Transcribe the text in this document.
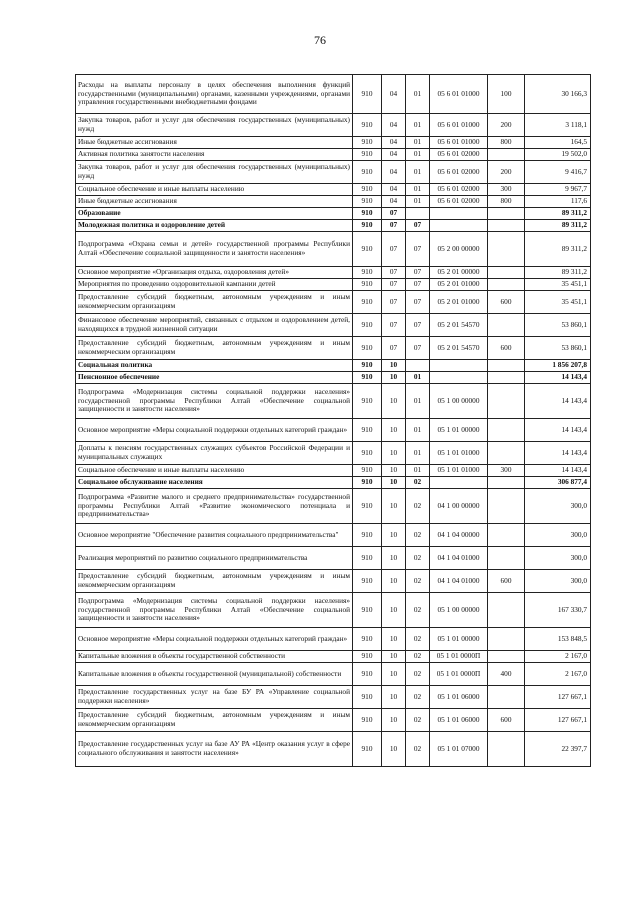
76
Расходы на выплаты персоналу в целях обеспечения выполнения функций государственными (муниципальными) органами, казенными учреждениями, органами управления государственными внебюджетными фондами	910	04	01	05 6 01 01000	100	30 166,3
Закупка товаров, работ и услуг для обеспечения государственных (муниципальных) нужд	910	04	01	05 6 01 01000	200	3 118,1
Иные бюджетные ассигнования	910	04	01	05 6 01 01000	800	164,5
Активная политика занятости населения	910	04	01	05 6 01 02000		19 502,0
Закупка товаров, работ и услуг для обеспечения государственных (муниципальных) нужд	910	04	01	05 6 01 02000	200	9 416,7
Социальное обеспечение и иные выплаты населению	910	04	01	05 6 01 02000	300	9 967,7
Иные бюджетные ассигнования	910	04	01	05 6 01 02000	800	117,6
Образование	910	07				89 311,2
Молодежная политика и оздоровление детей	910	07	07			89 311,2
Подпрограмма «Охрана семьи и детей» государственной программы Республики Алтай «Обеспечение социальной защищенности и занятости населения»	910	07	07	05 2 00 00000		89 311,2
Основное мероприятие «Организация отдыха, оздоровления детей»	910	07	07	05 2 01 00000		89 311,2
Мероприятия по проведению оздоровительной кампании детей	910	07	07	05 2 01 01000		35 451,1
Предоставление субсидий бюджетным, автономным учреждениям и иным некоммерческим организациям	910	07	07	05 2 01 01000	600	35 451,1
Финансовое обеспечение мероприятий, связанных с отдыхом и оздоровлением детей, находящихся в трудной жизненной ситуации	910	07	07	05 2 01 54570		53 860,1
Предоставление субсидий бюджетным, автономным учреждениям и иным некоммерческим организациям	910	07	07	05 2 01 54570	600	53 860,1
Социальная политика	910	10				1 856 207,8
Пенсионное обеспечение	910	10	01			14 143,4
Подпрограмма «Модернизация системы социальной поддержки населения» государственной программы Республики Алтай «Обеспечение социальной защищенности и занятости населения»	910	10	01	05 1 00 00000		14 143,4
Основное мероприятие «Меры социальной поддержки отдельных категорий граждан»	910	10	01	05 1 01 00000		14 143,4
Доплаты к пенсиям государственных служащих субъектов Российской Федерации и муниципальных служащих	910	10	01	05 1 01 01000		14 143,4
Социальное обеспечение и иные выплаты населению	910	10	01	05 1 01 01000	300	14 143,4
Социальное обслуживание населения	910	10	02			306 877,4
Подпрограмма «Развитие малого и среднего предпринимательства» государственной программы Республики Алтай «Развитие экономического потенциала и предпринимательства»	910	10	02	04 1 00 00000		300,0
Основное мероприятие "Обеспечение развития социального предпринимательства"	910	10	02	04 1 04 00000		300,0
Реализация мероприятий по развитию социального предпринимательства	910	10	02	04 1 04 01000		300,0
Предоставление субсидий бюджетным, автономным учреждениям и иным некоммерческим организациям	910	10	02	04 1 04 01000	600	300,0
Подпрограмма «Модернизация системы социальной поддержки населения» государственной программы Республики Алтай «Обеспечение социальной защищенности и занятости населения»	910	10	02	05 1 00 00000		167 330,7
Основное мероприятие «Меры социальной поддержки отдельных категорий граждан»	910	10	02	05 1 01 00000		153 848,5
Капитальные вложения в объекты государственной собственности	910	10	02	05 1 01 0000П		2 167,0
Капитальные вложения в объекты государственной (муниципальной) собственности	910	10	02	05 1 01 0000П	400	2 167,0
Предоставление государственных услуг на базе БУ РА «Управление социальной поддержки населения»	910	10	02	05 1 01 06000		127 667,1
Предоставление субсидий бюджетным, автономным учреждениям и иным некоммерческим организациям	910	10	02	05 1 01 06000	600	127 667,1
Предоставление государственных услуг на базе АУ РА «Центр оказания услуг в сфере социального обслуживания и занятости населения»	910	10	02	05 1 01 07000		22 397,7
